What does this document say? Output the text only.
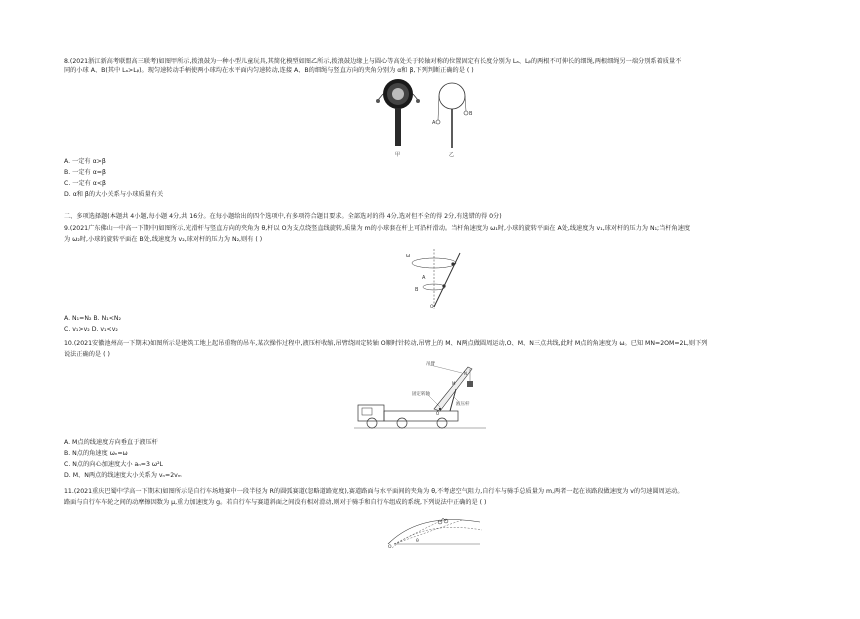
8.(2021浙江新高考联盟高三联考)如图甲所示,拨浪鼓为一种小型儿童玩具,其简化模型如图乙所示,拨浪鼓边缘上与圆心等高处关于转轴对称的位置固定有长度分别为 Lₐ、Lᵦ的两根不可伸长的细绳,两根细绳另一端分别系着质量不
同的小球 A、B(其中 Lₐ>Lᵦ)。现匀速转动手柄使两小球均在水平面内匀速转动,连接 A、B的细绳与竖直方向的夹角分别为 α和 β,下列判断正确的是 ( )
A
B
甲	乙
A. 一定有 α>β
B. 一定有 α=β
C. 一定有 α<β
D. α和 β的大小关系与小球质量有关
二、多项选择题(本题共 4小题,每小题 4分,共 16分。在每小题给出的四个选项中,有多项符合题目要求。全部选对的得 4分,选对但不全的得 2分,有选错的得 0分)
9.(2021广东佛山一中高一下期中)如图所示,光滑杆与竖直方向的夹角为 θ,杆以 O为支点绕竖直线旋转,质量为 m的小球套在杆上可沿杆滑动。当杆角速度为 ω₁时,小球的旋转平面在 A处,线速度为 v₁,球对杆的压力为 N₁;当杆角速度
为 ω₂时,小球的旋转平面在 B处,线速度为 v₂,球对杆的压力为 N₂,则有 ( )
ω
B
A
O
A. N₁=N₂ B. N₁<N₂
C. v₁>v₂ D. v₁<v₂
10.(2021安徽池州高一下期末)如图所示是建筑工地上起吊重物的吊车,某次操作过程中,液压杆收缩,吊臂绕固定转轴 O顺时针转动,吊臂上的 M、N两点做圆周运动,O、M、N三点共线,此时 M点的角速度为 ω。已知 MN=2OM=2L,则下列
说法正确的是 ( )
吊臂
固定转轴
液压杆
M
N
O
A. M点的线速度方向垂直于液压杆
B. N点的角速度 ωₙ=ω
C. N点的向心加速度大小 aₙ=3 ω²L
D. M、N两点的线速度大小关系为 vₙ=2vₘ
11.(2021重庆巴蜀中学高一下期末)如图所示是自行车场地赛中一段半径为 R的圆弧赛道(忽略道路宽度),赛道路面与水平面间的夹角为 θ,不考虑空气阻力,自行车与骑手总质量为 m,两者一起在该路段做速度为 v的匀速圆周运动。
路面与自行车车轮之间的动摩擦因数为 μ,重力加速度为 g。若自行车与赛道斜面之间没有相对滑动,则对于骑手和自行车组成的系统,下列说法中正确的是 ( )
O
θ
